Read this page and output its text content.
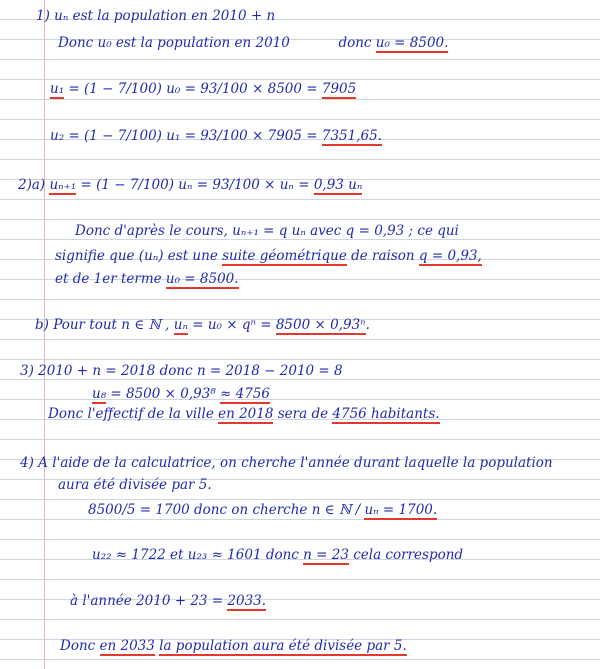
1) uₙ est la population en 2010 + n
Donc u₀ est la population en 2010	donc u₀ = 8500.
u₁ = (1 − 7/100) u₀ = 93/100 × 8500 = 7905
u₂ = (1 − 7/100) u₁ = 93/100 × 7905 = 7351,65.
2)a) uₙ₊₁ = (1 − 7/100) uₙ = 93/100 × uₙ = 0,93 uₙ
Donc d'après le cours, uₙ₊₁ = q uₙ avec q = 0,93 ; ce qui
signifie que (uₙ) est une suite géométrique de raison q = 0,93,
et de 1er terme u₀ = 8500.
b) Pour tout n ∈ ℕ , uₙ = u₀ × qⁿ = 8500 × 0,93ⁿ.
3) 2010 + n = 2018 donc n = 2018 − 2010 = 8
u₈ = 8500 × 0,93⁸ ≈ 4756
Donc l'effectif de la ville en 2018 sera de 4756 habitants.
4) A l'aide de la calculatrice, on cherche l'année durant laquelle la population
aura été divisée par 5.
8500/5 = 1700 donc on cherche n ∈ ℕ / uₙ = 1700.
u₂₂ ≈ 1722 et u₂₃ ≈ 1601 donc n = 23 cela correspond
à l'année 2010 + 23 = 2033.
Donc en 2033 la population aura été divisée par 5.
